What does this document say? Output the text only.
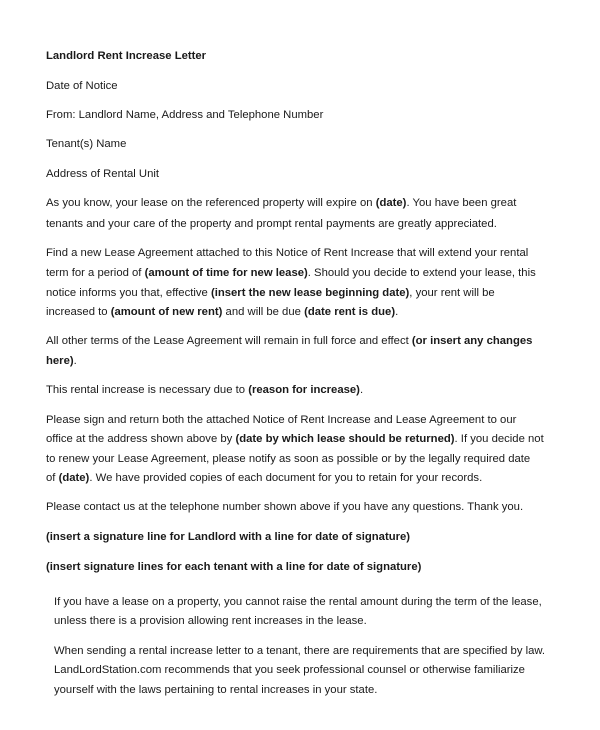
Landlord Rent Increase Letter

Date of Notice

From: Landlord Name, Address and Telephone Number

Tenant(s) Name

Address of Rental Unit

As you know, your lease on the referenced property will expire on (date). You have been great

tenants and your care of the property and prompt rental payments are greatly appreciated.

Find a new Lease Agreement attached to this Notice of Rent Increase that will extend your rental

term for a period of (amount of time for new lease). Should you decide to extend your lease, this

notice informs you that, effective (insert the new lease beginning date), your rent will be

increased to (amount of new rent) and will be due (date rent is due).

All other terms of the Lease Agreement will remain in full force and effect (or insert any changes

here).

This rental increase is necessary due to (reason for increase).

Please sign and return both the attached Notice of Rent Increase and Lease Agreement to our

office at the address shown above by (date by which lease should be returned). If you decide not

to renew your Lease Agreement, please notify as soon as possible or by the legally required date

of (date). We have provided copies of each document for you to retain for your records.

Please contact us at the telephone number shown above if you have any questions. Thank you.

(insert a signature line for Landlord with a line for date of signature)

(insert signature lines for each tenant with a line for date of signature)

If you have a lease on a property, you cannot raise the rental amount during the term of the lease,

unless there is a provision allowing rent increases in the lease.

When sending a rental increase letter to a tenant, there are requirements that are specified by law.

LandLordStation.com recommends that you seek professional counsel or otherwise familiarize

yourself with the laws pertaining to rental increases in your state.
